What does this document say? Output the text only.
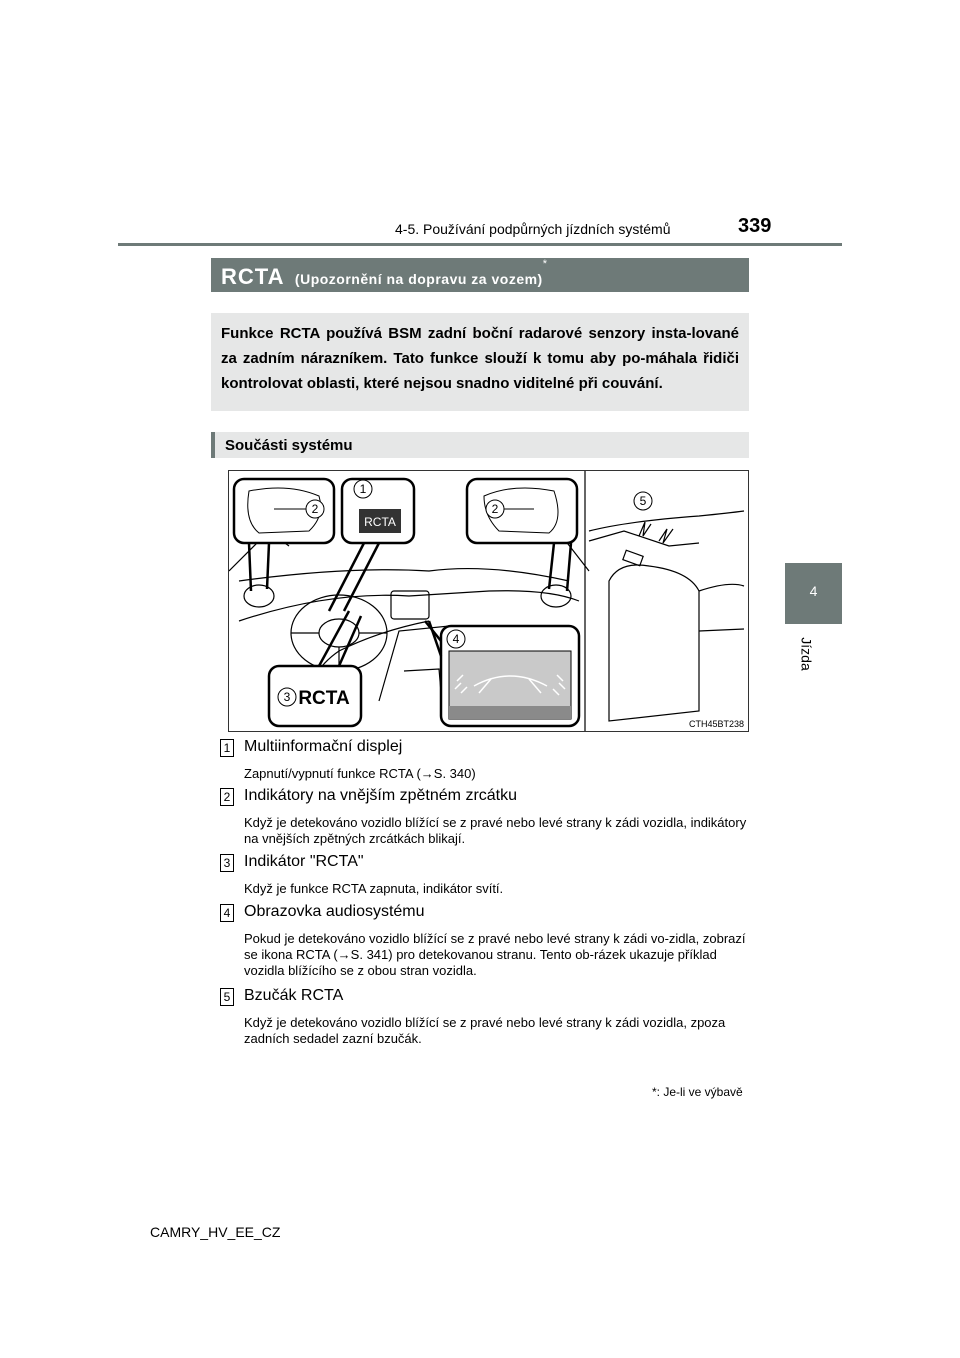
4-5. Používání podpůrných jízdních systémů	339
4
Jízda
RCTA (Upozornění na dopravu za vozem)*
Funkce RCTA používá BSM zadní boční radarové senzory insta-lované za zadním nárazníkem. Tato funkce slouží k tomu aby po-máhala řidiči kontrolovat oblasti, které nejsou snadno viditelné při couvání.
Součásti systému
RCTA
1
2	2
3 RCTA
4
5
CTH45BT238
1 Multiinformační displej
Zapnutí/vypnutí funkce RCTA (→S. 340)
2 Indikátory na vnějším zpětném zrcátku
Když je detekováno vozidlo blížící se z pravé nebo levé strany k zádi vozidla, indikátory na vnějších zpětných zrcátkách blikají.
3 Indikátor "RCTA"
Když je funkce RCTA zapnuta, indikátor svítí.
4 Obrazovka audiosystému
Pokud je detekováno vozidlo blížící se z pravé nebo levé strany k zádi vo-zidla, zobrazí se ikona RCTA (→S. 341) pro detekovanou stranu. Tento ob-rázek ukazuje příklad vozidla blížícího se z obou stran vozidla.
5 Bzučák RCTA
Když je detekováno vozidlo blížící se z pravé nebo levé strany k zádi vozidla, zpoza zadních sedadel zazní bzučák.
*: Je-li ve výbavě
CAMRY_HV_EE_CZ
